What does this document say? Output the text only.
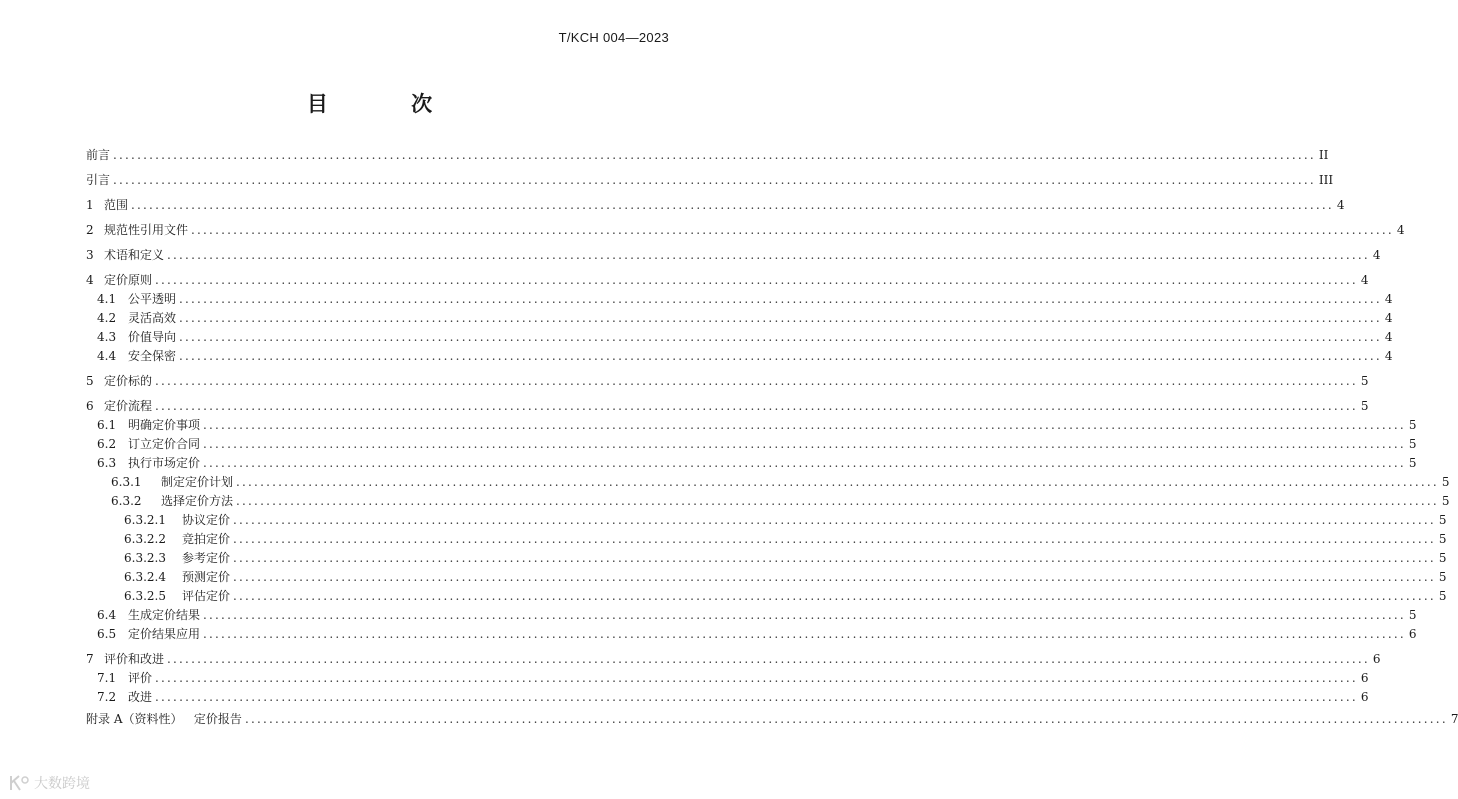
T/KCH 004—2023
目 次
前言 ........................................................................................................................................................................................................ II
引言 ........................................................................................................................................................................................................ III
1 范围 ........................................................................................................................................................................................................ 4
2 规范性引用文件 ........................................................................................................................................................................................................ 4
3 术语和定义 ........................................................................................................................................................................................................ 4
4 定价原则 ........................................................................................................................................................................................................ 4
4.1 公平透明 ........................................................................................................................................................................................................ 4
4.2 灵活高效 ........................................................................................................................................................................................................ 4
4.3 价值导向 ........................................................................................................................................................................................................ 4
4.4 安全保密 ........................................................................................................................................................................................................ 4
5 定价标的 ........................................................................................................................................................................................................ 5
6 定价流程 ........................................................................................................................................................................................................ 5
6.1 明确定价事项 ........................................................................................................................................................................................................ 5
6.2 订立定价合同 ........................................................................................................................................................................................................ 5
6.3 执行市场定价 ........................................................................................................................................................................................................ 5
6.3.1 制定定价计划 ........................................................................................................................................................................................................ 5
6.3.2 选择定价方法 ........................................................................................................................................................................................................ 5
6.3.2.1 协议定价 ........................................................................................................................................................................................................ 5
6.3.2.2 竞拍定价 ........................................................................................................................................................................................................ 5
6.3.2.3 参考定价 ........................................................................................................................................................................................................ 5
6.3.2.4 预测定价 ........................................................................................................................................................................................................ 5
6.3.2.5 评估定价 ........................................................................................................................................................................................................ 5
6.4 生成定价结果 ........................................................................................................................................................................................................ 5
6.5 定价结果应用 ........................................................................................................................................................................................................ 6
7 评价和改进 ........................................................................................................................................................................................................ 6
7.1 评价 ........................................................................................................................................................................................................ 6
7.2 改进 ........................................................................................................................................................................................................ 6
附录 A（资料性）   定价报告 ........................................................................................................................................................................................................ 7
大数跨境
